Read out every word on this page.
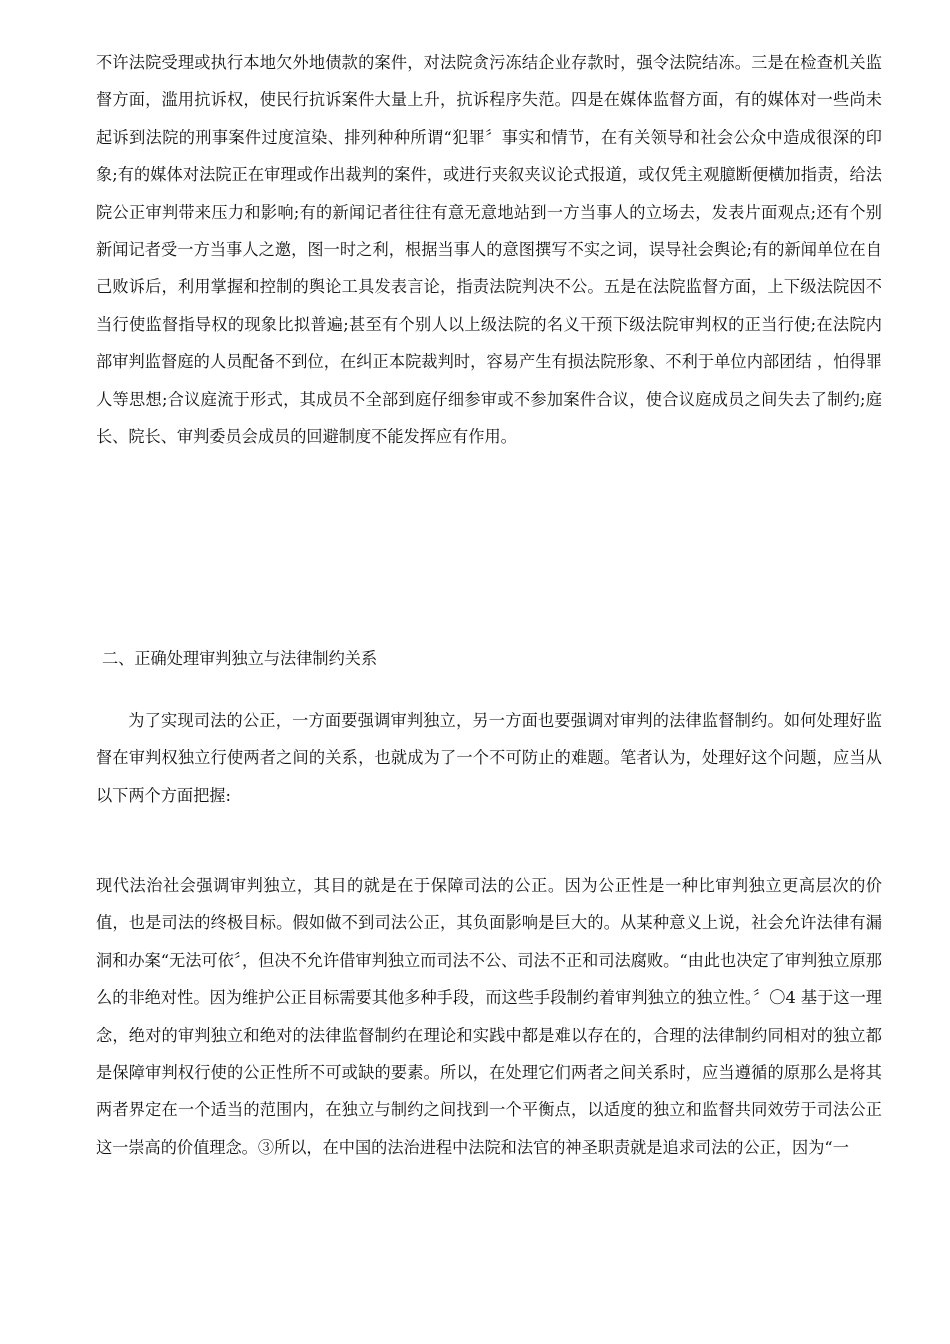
不许法院受理或执行本地欠外地债款的案件，对法院贪污冻结企业存款时，强令法院结冻。三是在检查机关监督方面，滥用抗诉权，使民行抗诉案件大量上升，抗诉程序失范。四是在媒体监督方面，有的媒体对一些尚未起诉到法院的刑事案件过度渲染、排列种种所谓“犯罪〞事实和情节，在有关领导和社会公众中造成很深的印象;有的媒体对法院正在审理或作出裁判的案件，或进行夹叙夹议论式报道，或仅凭主观臆断便横加指责，给法院公正审判带来压力和影响;有的新闻记者往往有意无意地站到一方当事人的立场去，发表片面观点;还有个别新闻记者受一方当事人之邀，图一时之利，根据当事人的意图撰写不实之词，误导社会舆论;有的新闻单位在自己败诉后，利用掌握和控制的舆论工具发表言论，指责法院判决不公。五是在法院监督方面，上下级法院因不当行使监督指导权的现象比拟普遍;甚至有个别人以上级法院的名义干预下级法院审判权的正当行使;在法院内部审判监督庭的人员配备不到位，在纠正本院裁判时，容易产生有损法院形象、不利于单位内部团结 ，怕得罪人等思想;合议庭流于形式，其成员不全部到庭仔细参审或不参加案件合议，使合议庭成员之间失去了制约;庭长、院长、审判委员会成员的回避制度不能发挥应有作用。

二、正确处理审判独立与法律制约关系

为了实现司法的公正，一方面要强调审判独立，另一方面也要强调对审判的法律监督制约。如何处理好监督在审判权独立行使两者之间的关系，也就成为了一个不可防止的难题。笔者认为，处理好这个问题，应当从以下两个方面把握:

现代法治社会强调审判独立，其目的就是在于保障司法的公正。因为公正性是一种比审判独立更高层次的价值，也是司法的终极目标。假如做不到司法公正，其负面影响是巨大的。从某种意义上说，社会允许法律有漏洞和办案“无法可依〞，但决不允许借审判独立而司法不公、司法不正和司法腐败。“由此也决定了审判独立原那么的非绝对性。因为维护公正目标需要其他多种手段，而这些手段制约着审判独立的独立性。〞〇4 基于这一理念，绝对的审判独立和绝对的法律监督制约在理论和实践中都是难以存在的，合理的法律制约同相对的独立都是保障审判权行使的公正性所不可或缺的要素。所以，在处理它们两者之间关系时，应当遵循的原那么是将其两者界定在一个适当的范围内，在独立与制约之间找到一个平衡点，以适度的独立和监督共同效劳于司法公正这一崇高的价值理念。③所以，在中国的法治进程中法院和法官的神圣职责就是追求司法的公正，因为“一
